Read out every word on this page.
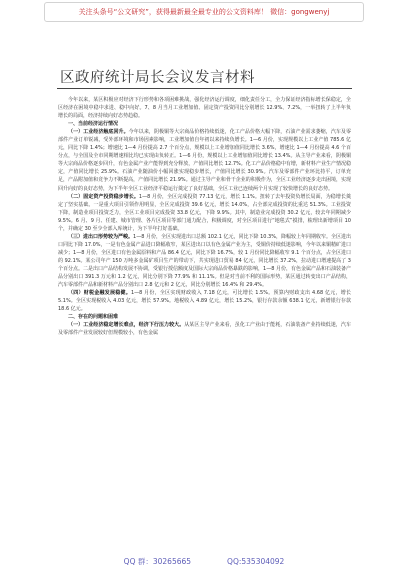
关注头条号“公文研究”，获得最新最全最专业的公文资料库！ 微信：gongwenyj
区政府统计局长会议发言材料

今年以来，某区积极应对经济下行形势和各项困难挑战，强化经济运行调度，细化责任分工，全力保证经济指标增长保稳定，全区经济在困境中稳中求进、稳中向好。7、8 月当月工业增加值、固定资产投资同比分别增长 12.9%、7.2%，一举扭转了上半年负增长的局面，经济持续向好态势趋稳。

一、当前经济运行情况

（一）工业经济触底回升。今年以来，阴极铜等大宗商品价格持续低迷，化工产品价格大幅下降，石油产业需求萎缩，汽车及零部件产业订单锐减，受外部环境和市场因素影响，工业增加值自年初以来持续负增长。1—6 月份，实现规模以上工业产值 785.6 亿元，同比下降 1.4%；增速比 1—4 月份提高 2.7 个百分点，规模以上工业增加值同比增长 3.6%，增速比 1—4 月份提高 4.6 个百分点，与全国及全市同期增速相比均已实现由负转正。1—6 月份，规模以上工业增加值同比增长 13.4%。从主导产业来看，阴极铜等大宗商品价格逐步回升，有色金属产业产能得到充分释放，产值同比增长 12.7%。化工产品价格稳中有增，新材料产业生产情况稳定，产值同比增长 25.9%。石油产业随油价小幅回涨实现稳步增长，产值同比增长 30.9%。汽车及零部件产业环比持平，订单充足，产品附加值和竞争力不断提高，产值同比增长 21.9%。通过主导产业和骨干企业的积极作为，全区工业经济逐步走出困境，实现回升向好的良好态势，为下半年全区工业经济平稳运行奠定了良好基础，全区工业已连续两个月实现了较快增长的良好态势。

（二）固定资产投资稳步增长。1—8 月份，全区完成投资 77.13 亿元，增长 1.1%。扭转了去年投资负增长局面，为稳增长奠定了坚实基础。一是重大项目引领作用明显，全区完成投资 39.6 亿元，增长 14.0%，占全部完成投资的比重达 51.3%。工业投资下降，制造业项目投资乏力，全区工业项目完成投资 33.8 亿元，下降 9.9%。其中，制造业完成投资 30.2 亿元，较去年同期减少 9.5%。6 月、9 月、任建、城市管理、各片区项目等部门通力配合，积极调度，对全区项目进行“地毯式”摸排，梳理出新增项目 10 个，并确定 30 至少全部入库统计，为下半年打好基础。

（三）进出口形势较为严峻。1—8 月份，全区实现进出口总额 102.1 亿元，同比下降 10.3%，降幅较上年同期收窄。全区进出口同比下降 17.0%，一是有色金属产品进口降幅收窄，某区进出口以有色金属产业为主，受铜价持续低迷影响，今年以来铜精矿进口减少；1—8 月份，全区进口有色金属原料和产品 86.4 亿元，同比下降 16.7%，较 1 月份同比降幅收窄 9.1 个百分点，占全区进口的 92.1%。某公司年产 150 万吨多金属矿项目生产的带动下，共实现进口贸易 84 亿元，同比增长 37.2%，拉动进口增速提高了 3 个百分点。二是出口产品结构发展不协调，受银行授信额度及国际大宗商品价格暴跌的影响，1—8 月份，有色金属产品和石油装备产品分别出口 391.3 万元和 1.2 亿元，同比分别下降 77.9% 和 11.1%。但是对当前不利的国际形势，某区通过转变出口产品结构，汽车零部件产品和新材料产品分别出口 2.8 亿元和 2 亿元，同比分别增长 16.4% 和 29.4%。

（四）财税金融发展稳健。1—8 月份，全区实现财政收入 7.18 亿元，可比增长 1.5%。预算内财政支出 4.68 亿元，增长 5.1%。全区实现税收入 4.03 亿元，增长 57.9%。地税收入 4.89 亿元，增长 15.2%，银行存款余额 638.1 亿元，新增银行存款 18.6 亿元。

二、存在的问题和困难

（一）工业经济稳定增长难点，经济下行压力较大。从某区主导产业来看，虽化工产业由于能耗，石油装备产业持续低迷，汽车及零部件产业发展较好但规模较小，有色金属

QQ 群：30265665	QQ:535304092
